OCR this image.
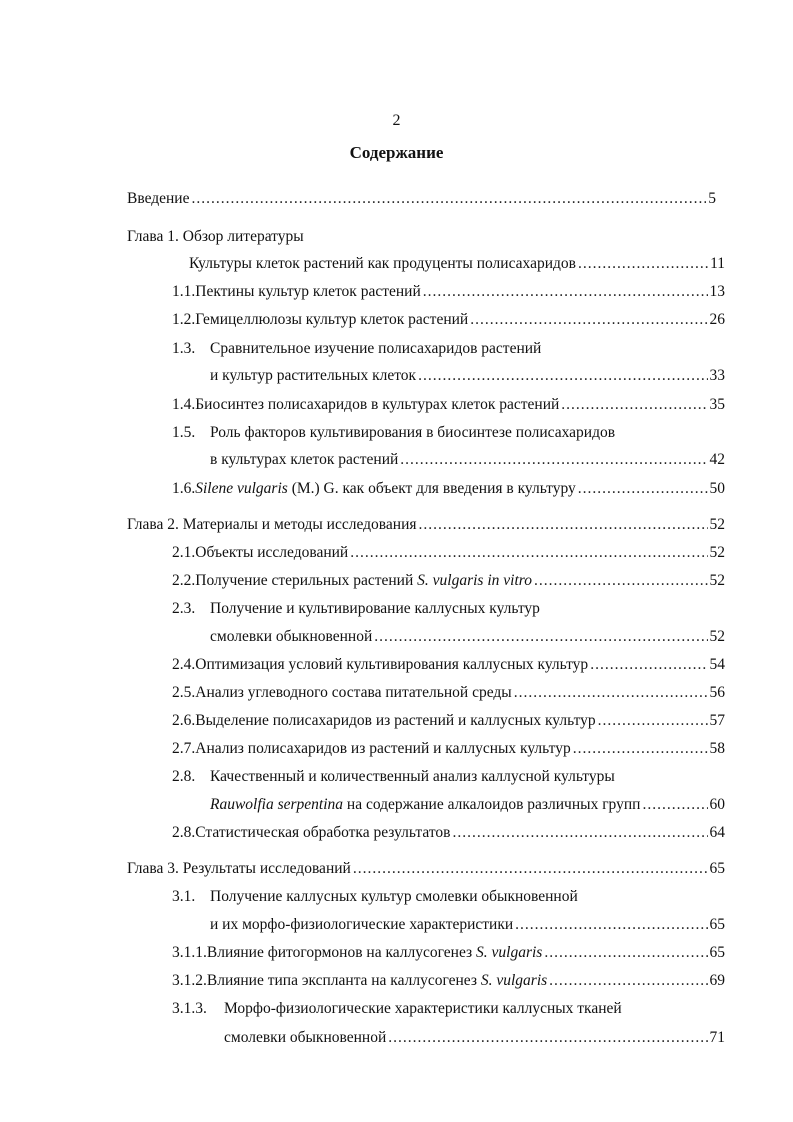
2
Содержание
Введение .....	5
Глава 1. Обзор литературы
Культуры клеток растений как продуценты полисахаридов .....	11
1.1. Пектины культур клеток растений .....	13
1.2. Гемицеллюлозы культур клеток растений .....	26
1.3. Сравнительное изучение полисахаридов растений
и культур растительных клеток .....	33
1.4. Биосинтез полисахаридов в культурах клеток растений .....	35
1.5. Роль факторов культивирования в биосинтезе полисахаридов
в культурах клеток растений .....	42
1.6. Silene vulgaris (M.) G. как объект для введения в культуру .....	50
Глава 2. Материалы и методы исследования .....	52
2.1. Объекты исследований .....	52
2.2. Получение стерильных растений S. vulgaris in vitro .....	52
2.3. Получение и культивирование каллусных культур
смолевки обыкновенной .....	52
2.4. Оптимизация условий культивирования каллусных культур .....	54
2.5. Анализ углеводного состава питательной среды .....	56
2.6. Выделение полисахаридов из растений и каллусных культур .....	57
2.7. Анализ полисахаридов из растений и каллусных культур .....	58
2.8. Качественный и количественный анализ каллусной культуры
Rauwolfia serpentina на содержание алкалоидов различных групп .....	60
2.8. Статистическая обработка результатов .....	64
Глава 3. Результаты исследований .....	65
3.1. Получение каллусных культур смолевки обыкновенной
и их морфо-физиологические характеристики .....	65
3.1.1. Влияние фитогормонов на каллусогенез S. vulgaris .....	65
3.1.2. Влияние типа эксплантa на каллусогенез S. vulgaris .....	69
3.1.3.	Морфо-физиологические характеристики каллусных тканей
смолевки обыкновенной .....	71
